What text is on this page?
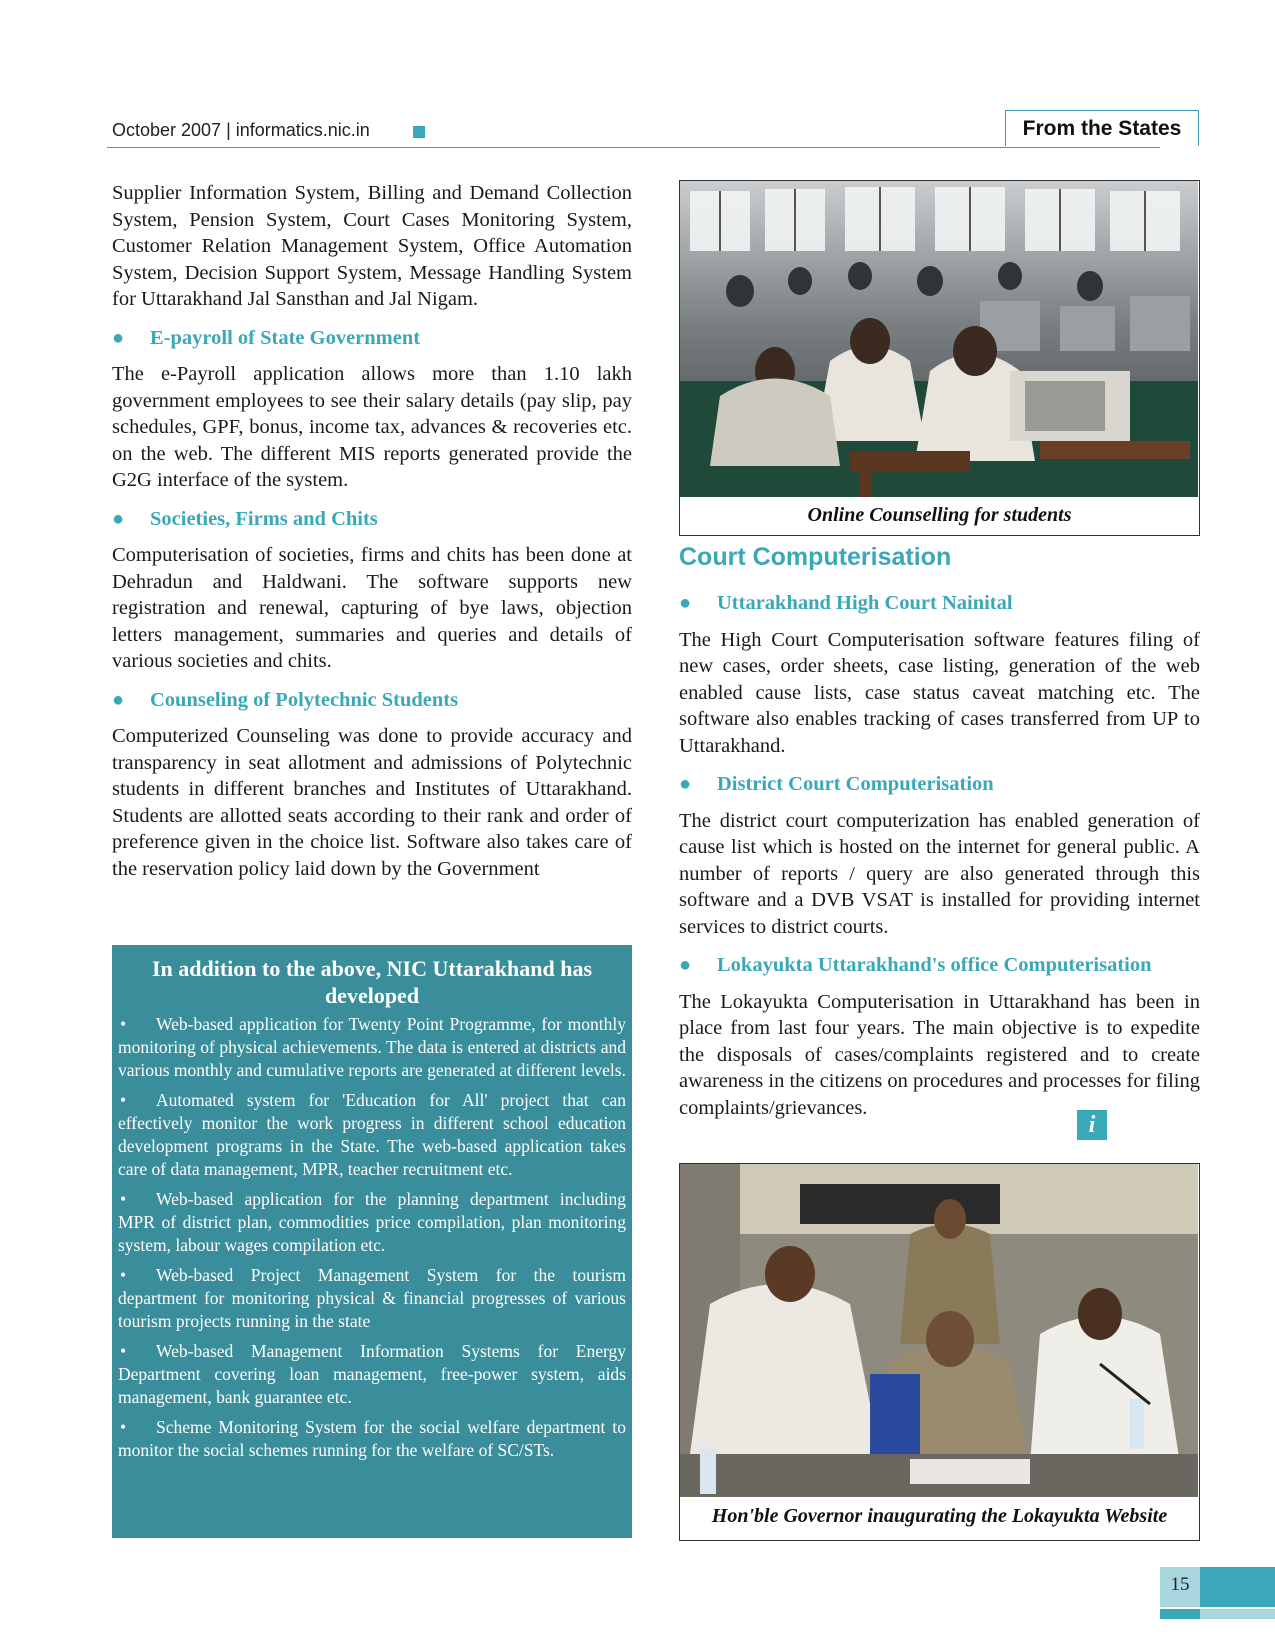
October 2007 | informatics.nic.in	From the States

Supplier Information System, Billing and Demand Collection System, Pension System, Court Cases Monitoring System, Customer Relation Management System, Office Automation System, Decision Support System, Message Handling System for Uttarakhand Jal Sansthan and Jal Nigam.

●	E-payroll of State Government

The e-Payroll application allows more than 1.10 lakh government employees to see their salary details (pay slip, pay schedules, GPF, bonus, income tax, advances & recoveries etc. on the web. The different MIS reports generated provide the G2G interface of the system.

●	Societies, Firms and Chits

Computerisation of societies, firms and chits has been done at Dehradun and Haldwani. The software supports new registration and renewal, capturing of bye laws, objection letters management, summaries and queries and details of various societies and chits.

●	Counseling of Polytechnic Students

Computerized Counseling was done to provide accuracy and transparency in seat allotment and admissions of Polytechnic students in different branches and Institutes of Uttarakhand. Students are allotted seats according to their rank and order of preference given in the choice list. Software also takes care of the reservation policy laid down by the Government

In addition to the above, NIC Uttarakhand has developed

• Web-based application for Twenty Point Programme, for monthly monitoring of physical achievements. The data is entered at districts and various monthly and cumulative reports are generated at different levels.

• Automated system for 'Education for All' project that can effectively monitor the work progress in different school education development programs in the State. The web-based application takes care of data management, MPR, teacher recruitment etc.

• Web-based application for the planning department including MPR of district plan, commodities price compilation, plan monitoring system, labour wages compilation etc.

• Web-based Project Management System for the tourism department for monitoring physical & financial progresses of various tourism projects running in the state

• Web-based Management Information Systems for Energy Department covering loan management, free-power system, aids management, bank guarantee etc.

• Scheme Monitoring System for the social welfare department to monitor the social schemes running for the welfare of SC/STs.

Online Counselling for students
Court Computerisation
●	Uttarakhand High Court Nainital

The High Court Computerisation software features filing of new cases, order sheets, case listing, generation of the web enabled cause lists, case status caveat matching etc. The software also enables tracking of cases transferred from UP to Uttarakhand.

●	District Court Computerisation

The district court computerization has enabled generation of cause list which is hosted on the internet for general public. A number of reports / query are also generated through this software and a DVB VSAT is installed for providing internet services to district courts.

●	Lokayukta Uttarakhand's office Computerisation

The Lokayukta Computerisation in Uttarakhand has been in place from last four years. The main objective is to expedite the disposals of cases/complaints registered and to create awareness in the citizens on procedures and processes for filing complaints/grievances.

i
Hon'ble Governor inaugurating the Lokayukta Website
15
